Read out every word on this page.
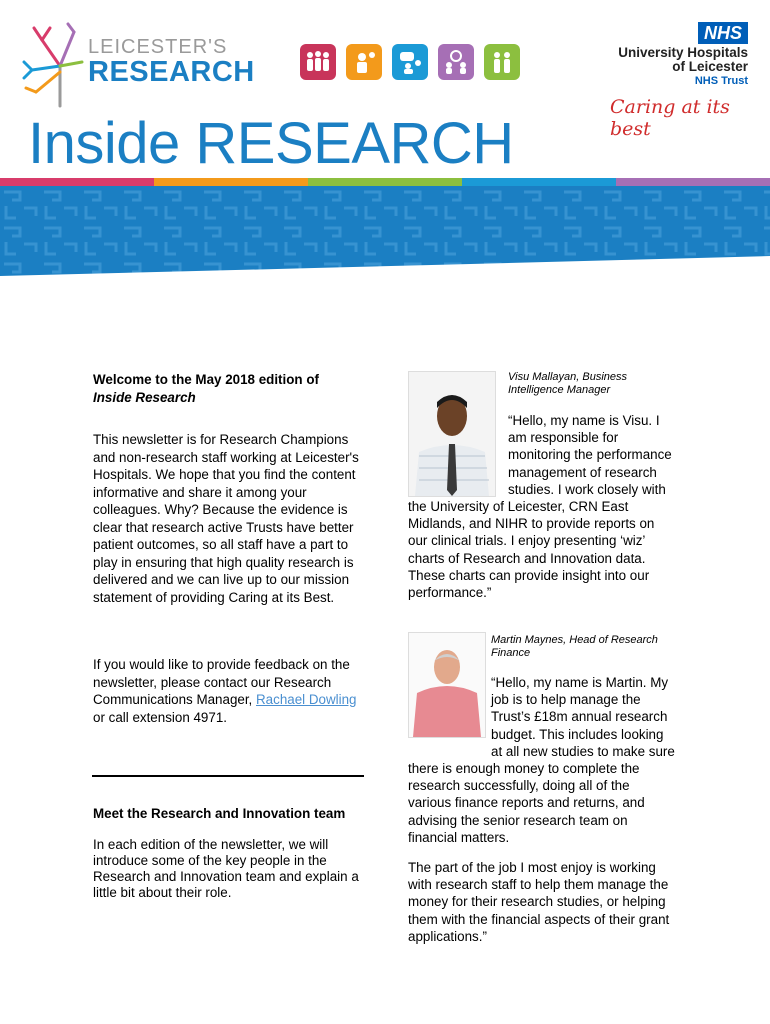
LEICESTER'S
RESEARCH
NHS
University Hospitals
of Leicester
NHS Trust
Caring at its best
Inside RESEARCH
Welcome to the May 2018 edition of
Inside Research
This newsletter is for Research Champions and non-research staff working at Leicester's Hospitals. We hope that you find the content informative and share it among your colleagues. Why? Because the evidence is clear that research active Trusts have better patient outcomes, so all staff have a part to play in ensuring that high quality research is delivered and we can live up to our mission statement of providing Caring at its Best.
If you would like to provide feedback on the newsletter, please contact our Research Communications Manager, Rachael Dowling or call extension 4971.
Meet the Research and Innovation team
In each edition of the newsletter, we will introduce some of the key people in the Research and Innovation team and explain a little bit about their role.
Visu Mallayan, Business Intelligence Manager
“Hello, my name is Visu. I am responsible for monitoring the performance management of research studies. I work closely with the University of Leicester, CRN East Midlands, and NIHR to provide reports on our clinical trials. I enjoy presenting ‘wiz’ charts of Research and Innovation data. These charts can provide insight into our performance.”
Martin Maynes, Head of Research Finance
“Hello, my name is Martin. My job is to help manage the Trust’s £18m annual research budget. This includes looking at all new studies to make sure there is enough money to complete the research successfully, doing all of the various finance reports and returns, and advising the senior research team on financial matters.
The part of the job I most enjoy is working with research staff to help them manage the money for their research studies, or helping them with the financial aspects of their grant applications.”
